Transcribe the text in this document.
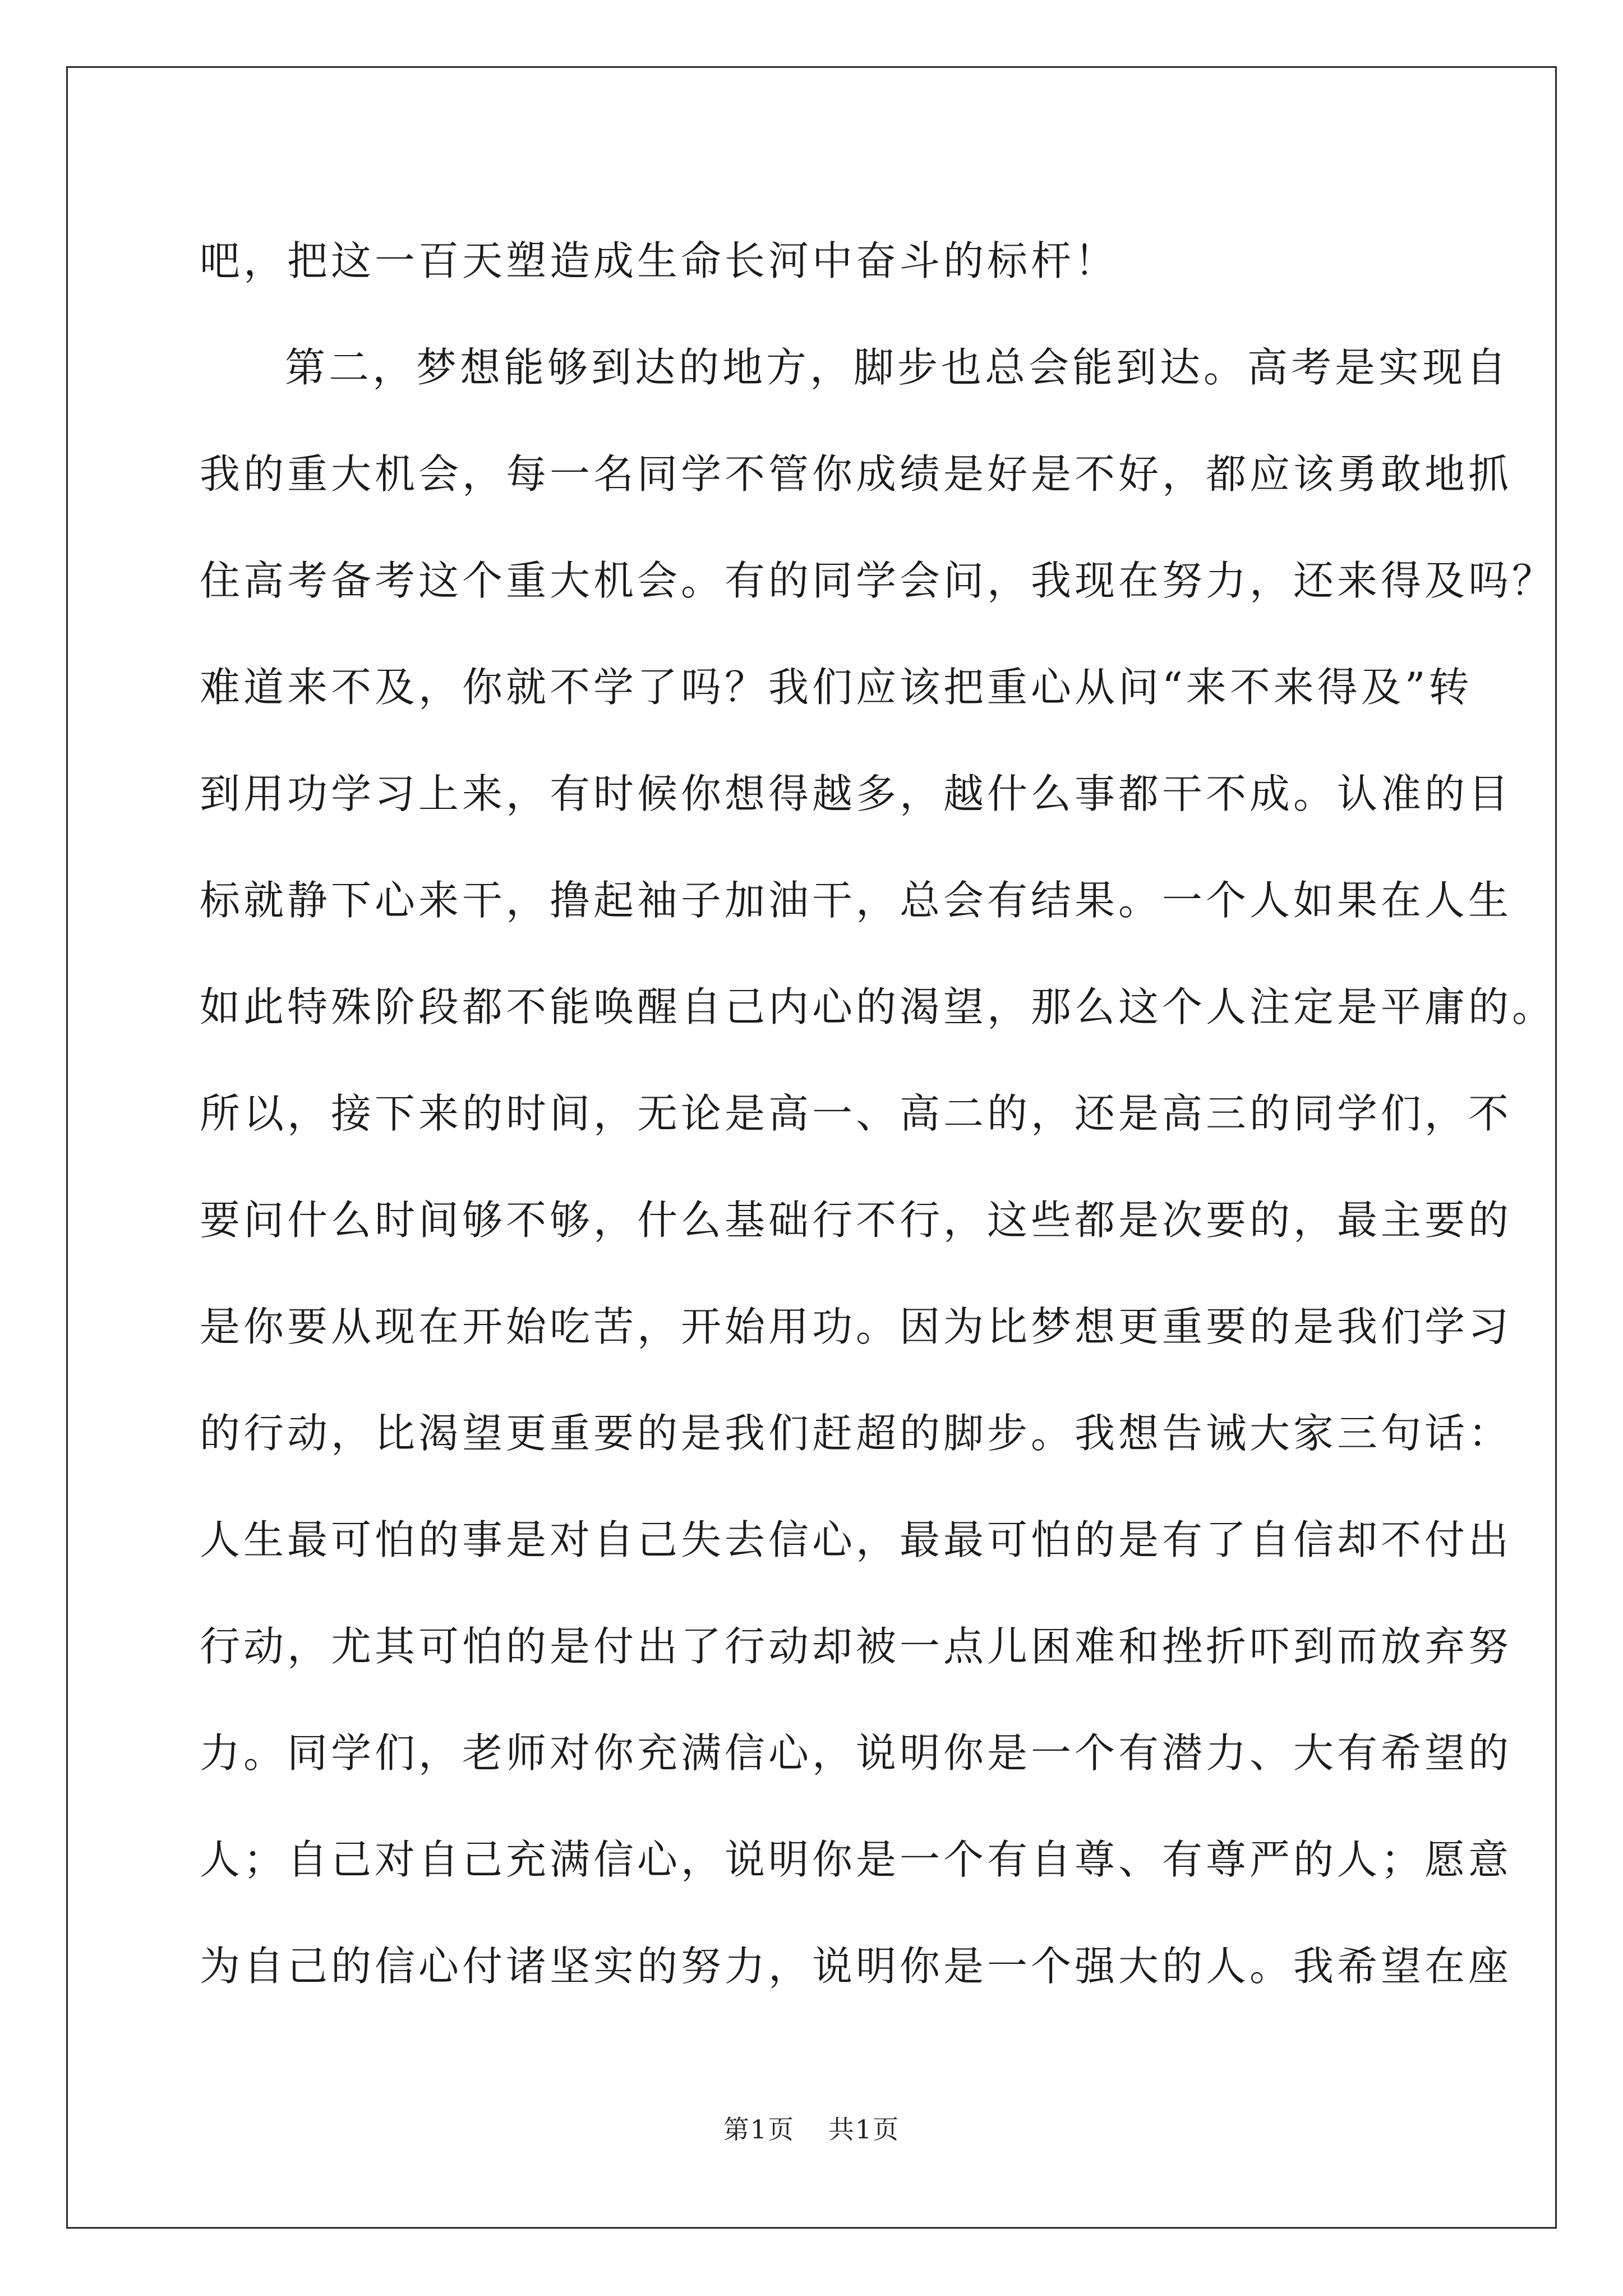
吧，把这一百天塑造成生命长河中奋斗的标杆！
第二，梦想能够到达的地方，脚步也总会能到达。高考是实现自
我的重大机会，每一名同学不管你成绩是好是不好，都应该勇敢地抓
住高考备考这个重大机会。有的同学会问，我现在努力，还来得及吗？
难道来不及，你就不学了吗？我们应该把重心从问“来不来得及”转
到用功学习上来，有时候你想得越多，越什么事都干不成。认准的目
标就静下心来干，撸起袖子加油干，总会有结果。一个人如果在人生
如此特殊阶段都不能唤醒自己内心的渴望，那么这个人注定是平庸的。
所以，接下来的时间，无论是高一、高二的，还是高三的同学们，不
要问什么时间够不够，什么基础行不行，这些都是次要的，最主要的
是你要从现在开始吃苦，开始用功。因为比梦想更重要的是我们学习
的行动，比渴望更重要的是我们赶超的脚步。我想告诫大家三句话：
人生最可怕的事是对自己失去信心，最最可怕的是有了自信却不付出
行动，尤其可怕的是付出了行动却被一点儿困难和挫折吓到而放弃努
力。同学们，老师对你充满信心，说明你是一个有潜力、大有希望的
人；自己对自己充满信心，说明你是一个有自尊、有尊严的人；愿意
为自己的信心付诸坚实的努力，说明你是一个强大的人。我希望在座
第1页 共1页
